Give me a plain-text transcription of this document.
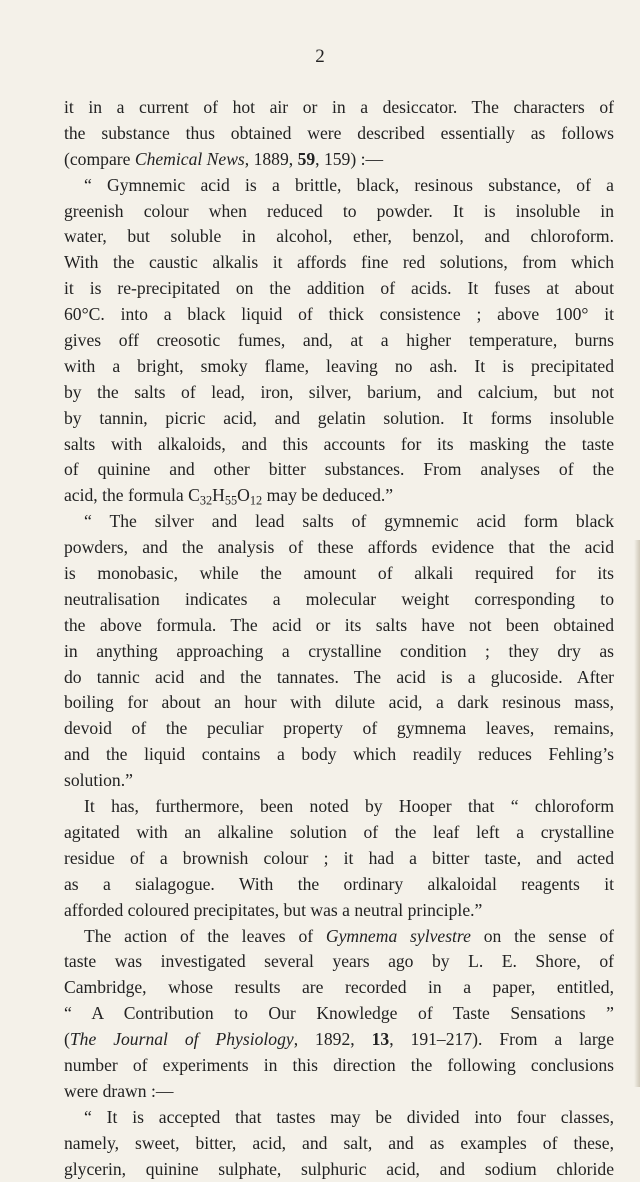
2
it in a current of hot air or in a desiccator. The characters of
the substance thus obtained were described essentially as follows
(compare Chemical News, 1889, 59, 159) :—
“ Gymnemic acid is a brittle, black, resinous substance, of a
greenish colour when reduced to powder. It is insoluble in
water, but soluble in alcohol, ether, benzol, and chloroform.
With the caustic alkalis it affords fine red solutions, from which
it is re-precipitated on the addition of acids. It fuses at about
60°C. into a black liquid of thick consistence ; above 100° it
gives off creosotic fumes, and, at a higher temperature, burns
with a bright, smoky flame, leaving no ash. It is precipitated
by the salts of lead, iron, silver, barium, and calcium, but not
by tannin, picric acid, and gelatin solution. It forms insoluble
salts with alkaloids, and this accounts for its masking the taste
of quinine and other bitter substances. From analyses of the
acid, the formula $C_{32}H_{55}O_{12}$ may be deduced.”
“ The silver and lead salts of gymnemic acid form black
powders, and the analysis of these affords evidence that the acid
is monobasic, while the amount of alkali required for its
neutralisation indicates a molecular weight corresponding to
the above formula. The acid or its salts have not been obtained
in anything approaching a crystalline condition ; they dry as
do tannic acid and the tannates. The acid is a glucoside. After
boiling for about an hour with dilute acid, a dark resinous mass,
devoid of the peculiar property of gymnema leaves, remains,
and the liquid contains a body which readily reduces Fehling’s
solution.”
It has, furthermore, been noted by Hooper that “ chloroform
agitated with an alkaline solution of the leaf left a crystalline
residue of a brownish colour ; it had a bitter taste, and acted
as a sialagogue. With the ordinary alkaloidal reagents it
afforded coloured precipitates, but was a neutral principle.”
The action of the leaves of Gymnema sylvestre on the sense of
taste was investigated several years ago by L. E. Shore, of
Cambridge, whose results are recorded in a paper, entitled,
“ A Contribution to Our Knowledge of Taste Sensations ”
(The Journal of Physiology, 1892, 13, 191–217). From a large
number of experiments in this direction the following conclusions
were drawn :—
“ It is accepted that tastes may be divided into four classes,
namely, sweet, bitter, acid, and salt, and as examples of these,
glycerin, quinine sulphate, sulphuric acid, and sodium chloride
